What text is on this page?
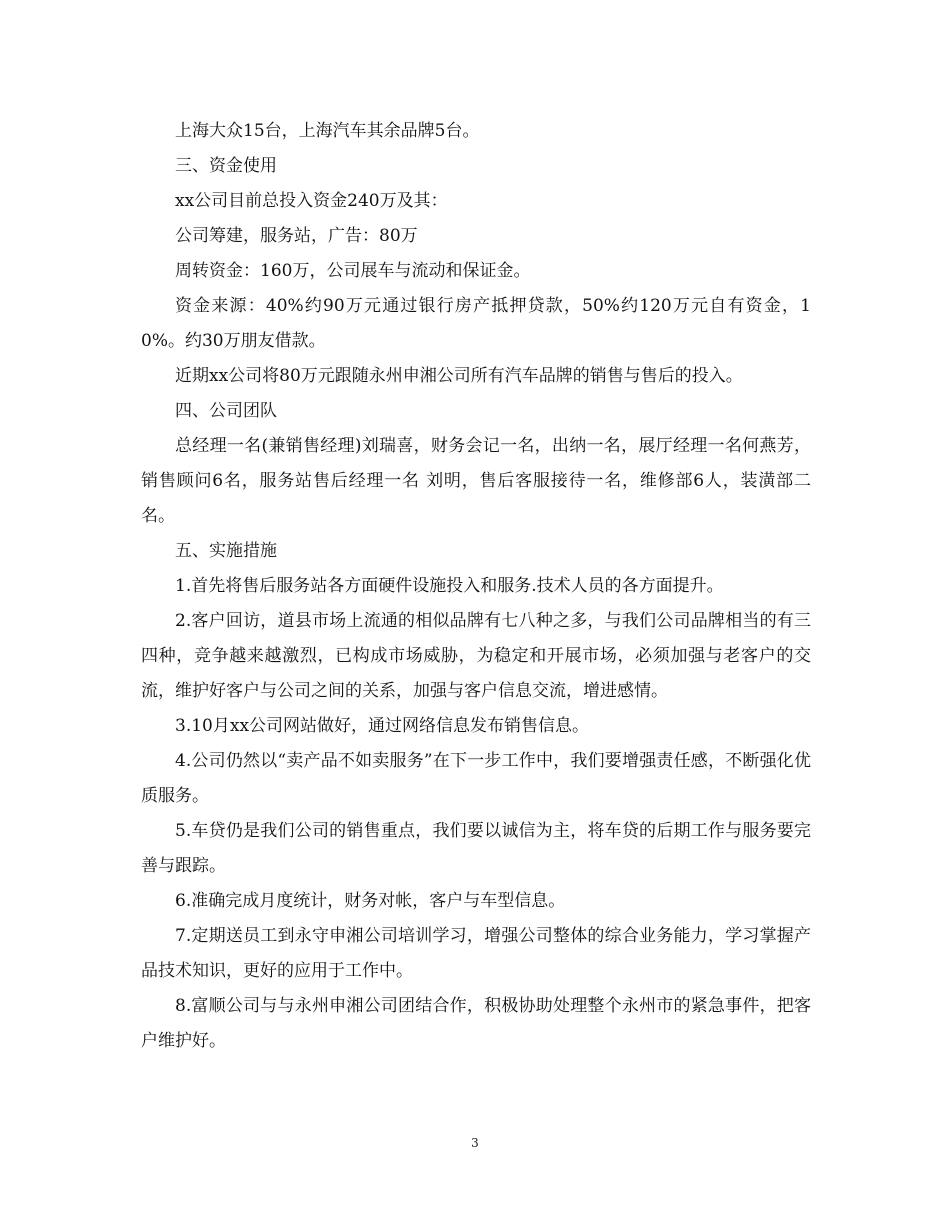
上海大众15台，上海汽车其余品牌5台。

三、资金使用

xx公司目前总投入资金240万及其：

公司筹建，服务站，广告：80万

周转资金：160万，公司展车与流动和保证金。

资金来源：40%约90万元通过银行房产抵押贷款，50%约120万元自有资金，10%。约30万朋友借款。

近期xx公司将80万元跟随永州申湘公司所有汽车品牌的销售与售后的投入。

四、公司团队

总经理一名(兼销售经理)刘瑞喜，财务会记一名，出纳一名，展厅经理一名何燕芳，销售顾问6名，服务站售后经理一名 刘明，售后客服接待一名，维修部6人，装潢部二名。

五、实施措施

1.首先将售后服务站各方面硬件设施投入和服务.技术人员的各方面提升。

2.客户回访，道县市场上流通的相似品牌有七八种之多，与我们公司品牌相当的有三四种，竞争越来越激烈，已构成市场威胁，为稳定和开展市场，必须加强与老客户的交流，维护好客户与公司之间的关系，加强与客户信息交流，增进感情。

3.10月xx公司网站做好，通过网络信息发布销售信息。

4.公司仍然以“卖产品不如卖服务”在下一步工作中，我们要增强责任感，不断强化优质服务。

5.车贷仍是我们公司的销售重点，我们要以诚信为主，将车贷的后期工作与服务要完善与跟踪。

6.准确完成月度统计，财务对帐，客户与车型信息。

7.定期送员工到永守申湘公司培训学习，增强公司整体的综合业务能力，学习掌握产品技术知识，更好的应用于工作中。

8.富顺公司与与永州申湘公司团结合作，积极协助处理整个永州市的紧急事件，把客户维护好。

3
